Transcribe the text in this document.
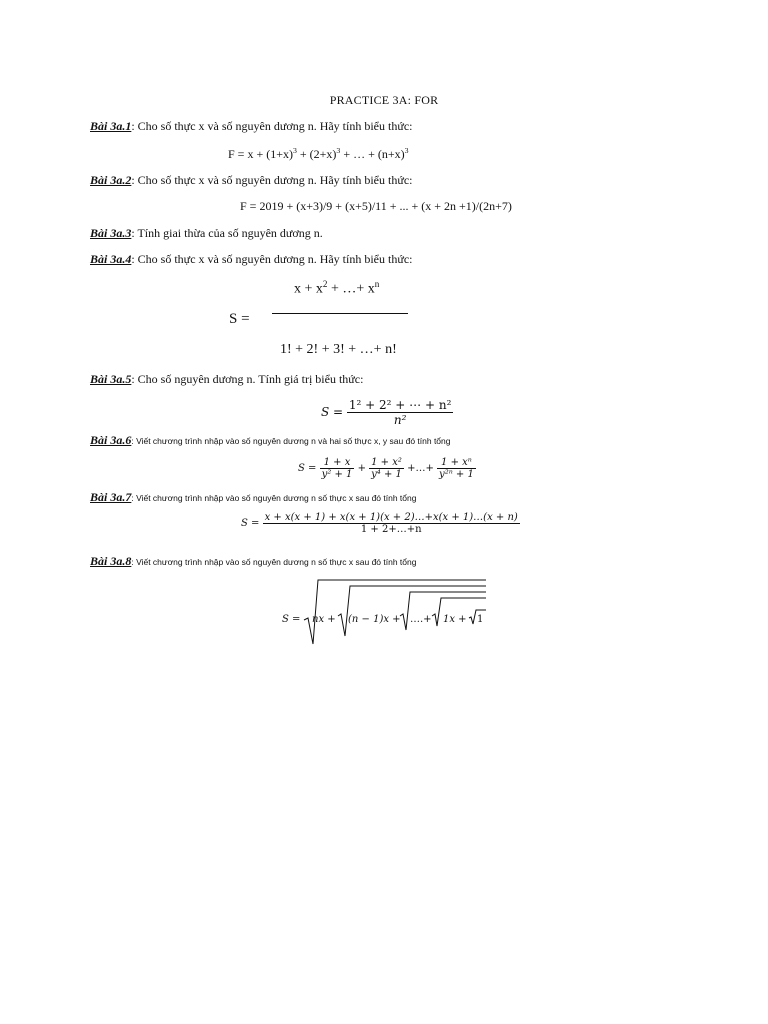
PRACTICE 3A: FOR
Bài 3a.1: Cho số thực x và số nguyên dương n. Hãy tính biểu thức:
$F = x + (1+x)^3 + (2+x)^3$ + … + $(n+x)^3$
Bài 3a.2: Cho số thực x và số nguyên dương n. Hãy tính biểu thức:
F = 2019 + (x+3)/9 + (x+5)/11 + ... + (x + 2n +1)/(2n+7)
Bài 3a.3: Tính giai thừa của số nguyên dương n.
Bài 3a.4: Cho số thực x và số nguyên dương n. Hãy tính biểu thức:
$x + x^2$ + …+ $x^n$
S =
1! + 2! + 3! + …+ n!
Bài 3a.5: Cho số nguyên dương n. Tính giá trị biểu thức:
$S = \frac{\text{1² + 2² + ⋯ + n²}}{\text{n²}}$
Bài 3a.6: Viết chương trình nhập vào số nguyên dương n và hai số thực x, y sau đó tính tổng
$S = \frac{1 + x}{\text{y² + 1}} + \frac{\text{1 + x²}}{\text{y⁴ + 1}}$ +…+ $\frac{\text{1 + xⁿ}}{\text{y²ⁿ + 1}}$
Bài 3a.7: Viết chương trình nhập vào số nguyên dương n số thực x sau đó tính tổng
$S = \frac{x + x(x + 1) + x(x + 1)(x + 2)\dots+x(x + 1)\dots(x + n)}{1 + 2+\dots+n}$
Bài 3a.8: Viết chương trình nhập vào số nguyên dương n số thực x sau đó tính tổng
S = nx + (n − 1)x + ….+ 1x + 1
